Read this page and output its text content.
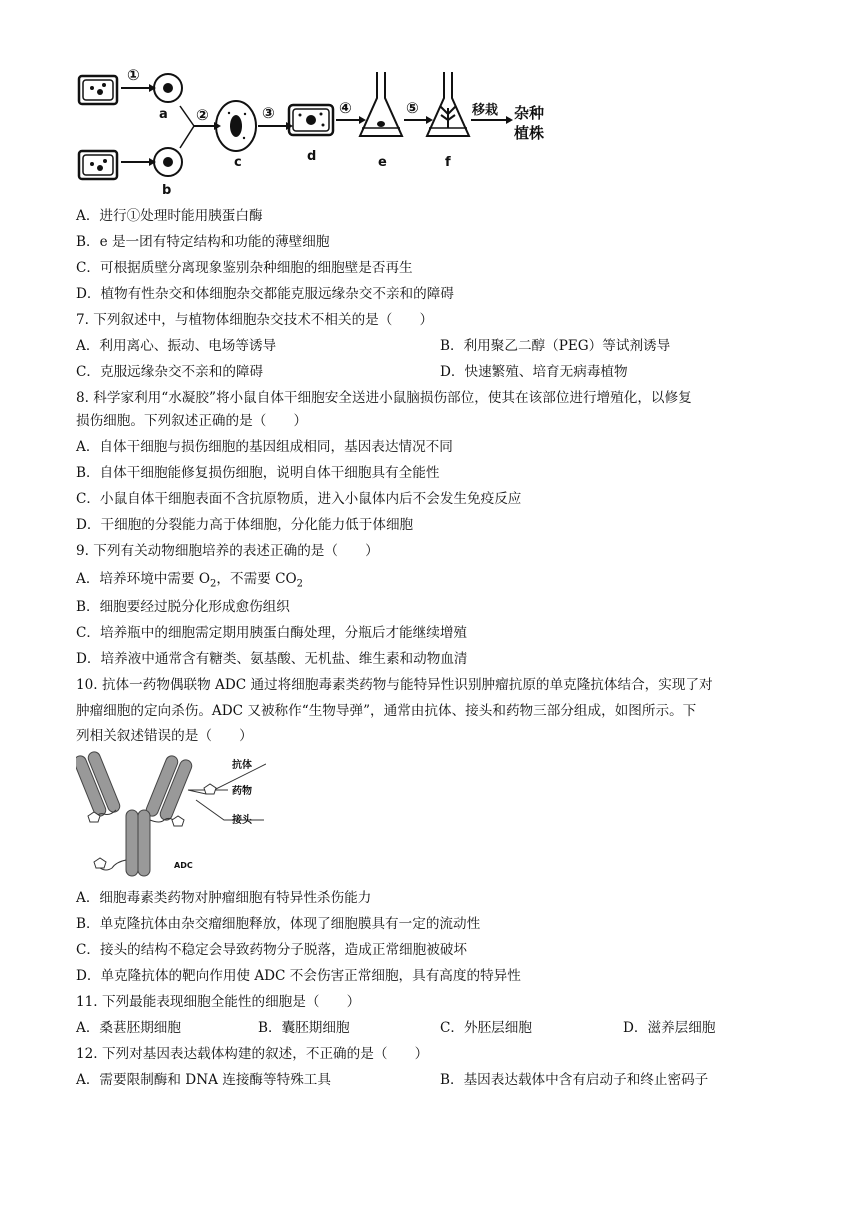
①
②	③	④	⑤	移栽 杂种
植株
a
b
c	d	e	f
A．进行①处理时能用胰蛋白酶
B．e 是一团有特定结构和功能的薄壁细胞
C．可根据质壁分离现象鉴别杂种细胞的细胞壁是否再生
D．植物有性杂交和体细胞杂交都能克服远缘杂交不亲和的障碍
7. 下列叙述中，与植物体细胞杂交技术不相关的是（　　）
A．利用离心、振动、电场等诱导	B．利用聚乙二醇（PEG）等试剂诱导
C．克服远缘杂交不亲和的障碍	D．快速繁殖、培育无病毒植物
8. 科学家利用“水凝胶”将小鼠自体干细胞安全送进小鼠脑损伤部位，使其在该部位进行增殖化，以修复
损伤细胞。下列叙述正确的是（　　）
A．自体干细胞与损伤细胞的基因组成相同，基因表达情况不同
B．自体干细胞能修复损伤细胞，说明自体干细胞具有全能性
C．小鼠自体干细胞表面不含抗原物质，进入小鼠体内后不会发生免疫反应
D．干细胞的分裂能力高于体细胞，分化能力低于体细胞
9. 下列有关动物细胞培养的表述正确的是（　　）
A．培养环境中需要 $O_2$，不需要 $CO_2$
B．细胞要经过脱分化形成愈伤组织
C．培养瓶中的细胞需定期用胰蛋白酶处理，分瓶后才能继续增殖
D．培养液中通常含有糖类、氨基酸、无机盐、维生素和动物血清
10. 抗体一药物偶联物 ADC 通过将细胞毒素类药物与能特异性识别肿瘤抗原的单克隆抗体结合，实现了对
肿瘤细胞的定向杀伤。ADC 又被称作“生物导弹”，通常由抗体、接头和药物三部分组成，如图所示。下
列相关叙述错误的是（　　）
抗体
药物
接头
ADC
A．细胞毒素类药物对肿瘤细胞有特异性杀伤能力
B．单克隆抗体由杂交瘤细胞释放，体现了细胞膜具有一定的流动性
C．接头的结构不稳定会导致药物分子脱落，造成正常细胞被破坏
D．单克隆抗体的靶向作用使 ADC 不会伤害正常细胞，具有高度的特异性
11. 下列最能表现细胞全能性的细胞是（　　）
A．桑葚胚期细胞	B．囊胚期细胞	C．外胚层细胞	D．滋养层细胞
12. 下列对基因表达载体构建的叙述，不正确的是（　　）
A．需要限制酶和 DNA 连接酶等特殊工具	B．基因表达载体中含有启动子和终止密码子
